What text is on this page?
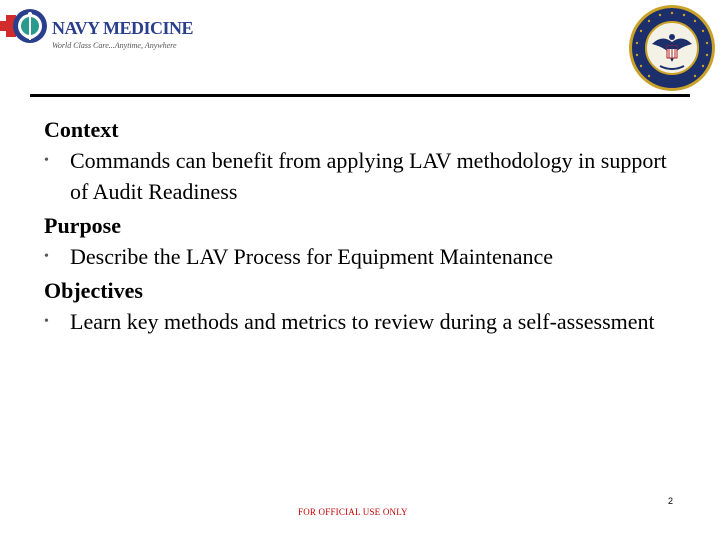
NAVY MEDICINE
World Class Care...Anytime, Anywhere

Context

• Commands can benefit from applying LAV methodology in support of Audit Readiness

Purpose

• Describe the LAV Process for Equipment Maintenance

Objectives

• Learn key methods and metrics to review during a self-assessment
2
FOR OFFICIAL USE ONLY
